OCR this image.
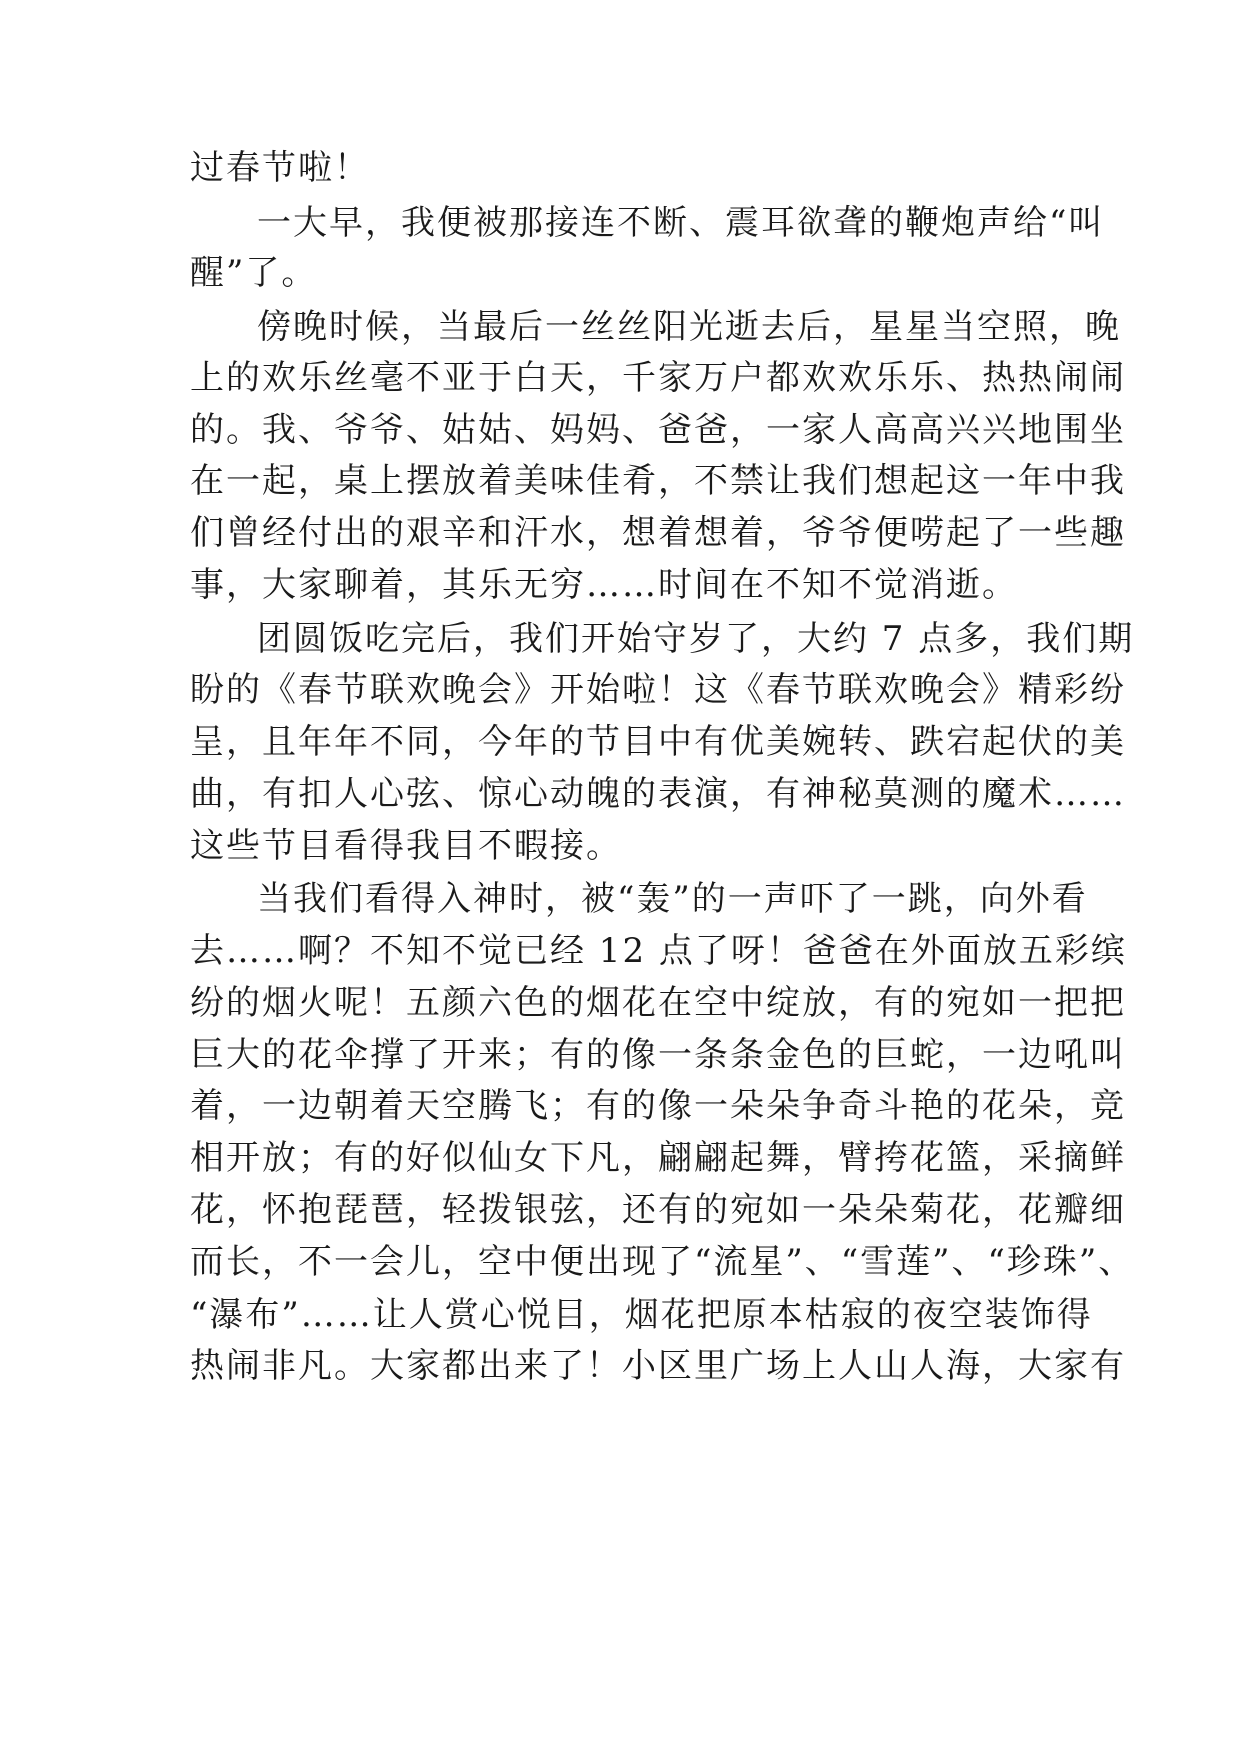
过春节啦！
一大早，我便被那接连不断、震耳欲聋的鞭炮声给“叫
醒”了。
傍晚时候，当最后一丝丝阳光逝去后，星星当空照，晚
上的欢乐丝毫不亚于白天，千家万户都欢欢乐乐、热热闹闹
的。我、爷爷、姑姑、妈妈、爸爸，一家人高高兴兴地围坐
在一起，桌上摆放着美味佳肴，不禁让我们想起这一年中我
们曾经付出的艰辛和汗水，想着想着，爷爷便唠起了一些趣
事，大家聊着，其乐无穷……时间在不知不觉消逝。
团圆饭吃完后，我们开始守岁了，大约 7 点多，我们期
盼的《春节联欢晚会》开始啦！这《春节联欢晚会》精彩纷
呈，且年年不同，今年的节目中有优美婉转、跌宕起伏的美
曲，有扣人心弦、惊心动魄的表演，有神秘莫测的魔术……
这些节目看得我目不暇接。
当我们看得入神时，被“轰”的一声吓了一跳，向外看
去……啊？不知不觉已经 12 点了呀！爸爸在外面放五彩缤
纷的烟火呢！五颜六色的烟花在空中绽放，有的宛如一把把
巨大的花伞撑了开来；有的像一条条金色的巨蛇，一边吼叫
着，一边朝着天空腾飞；有的像一朵朵争奇斗艳的花朵，竞
相开放；有的好似仙女下凡，翩翩起舞，臂挎花篮，采摘鲜
花，怀抱琵琶，轻拨银弦，还有的宛如一朵朵菊花，花瓣细
而长，不一会儿，空中便出现了“流星”、“雪莲”、“珍珠”、
“瀑布”……让人赏心悦目，烟花把原本枯寂的夜空装饰得
热闹非凡。大家都出来了！小区里广场上人山人海，大家有
